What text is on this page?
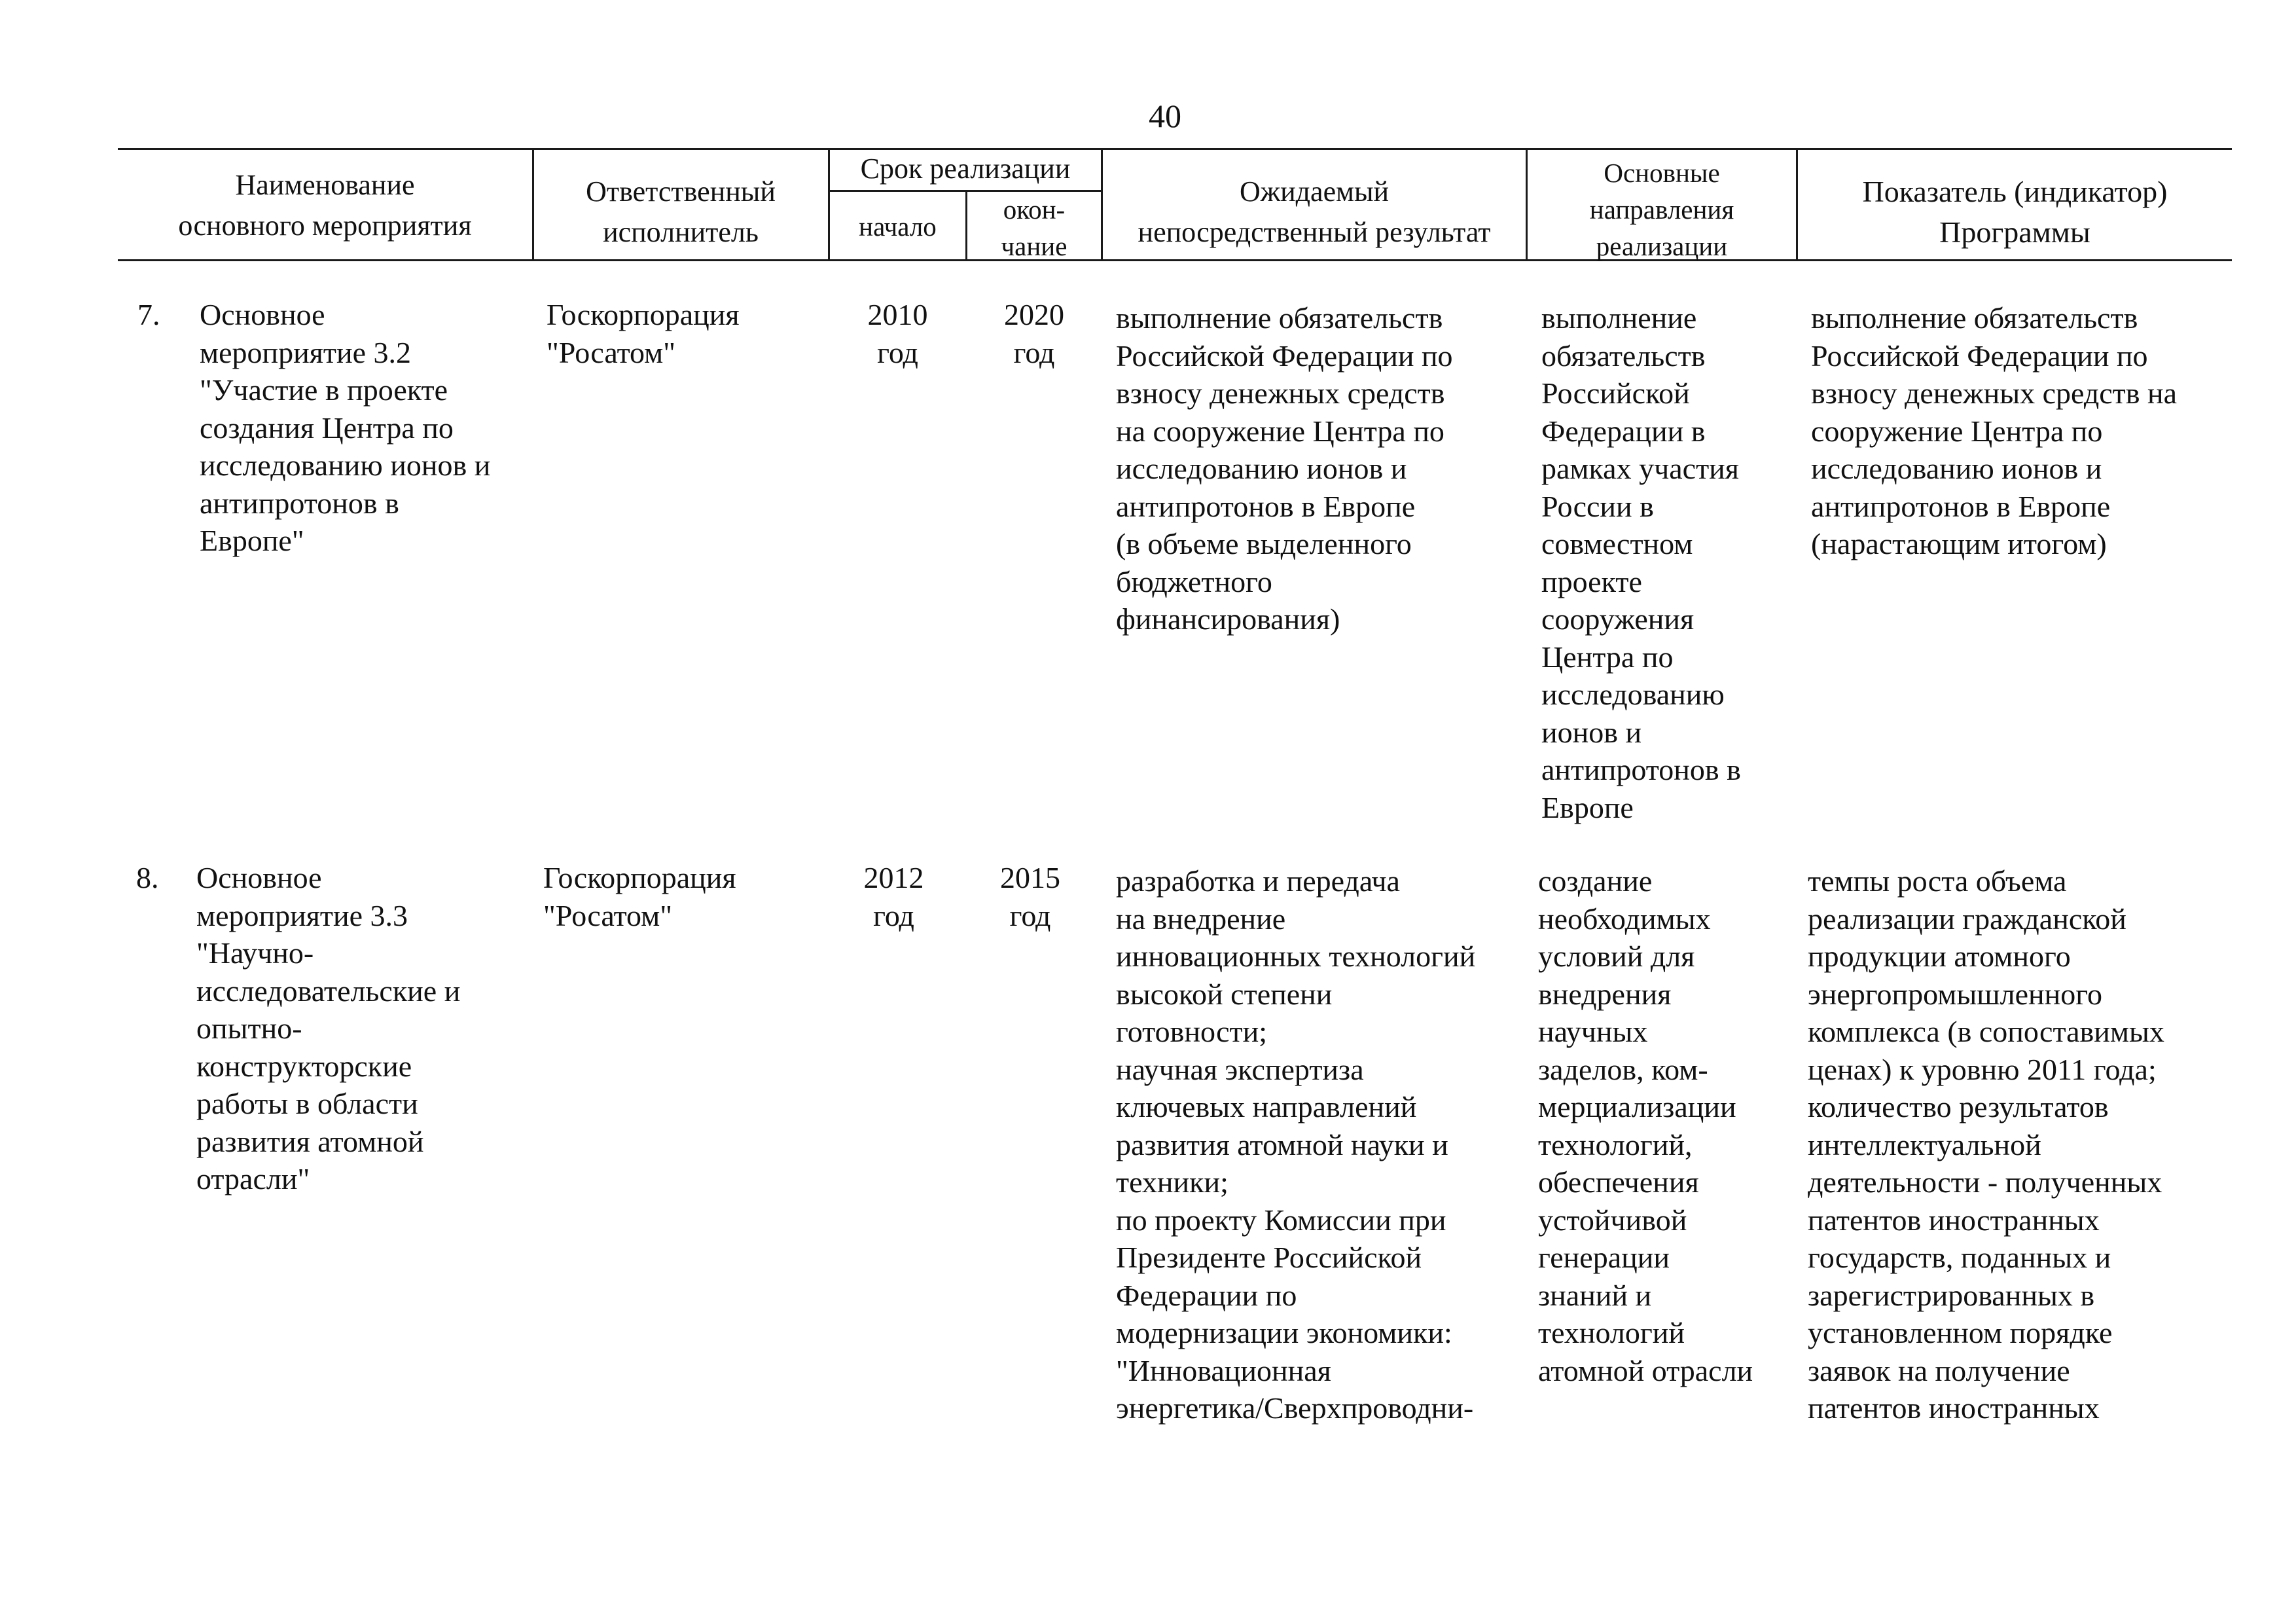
40
Наименование
основного мероприятия
Ответственный
исполнитель
Срок реализации
начало
окон-
чание
Ожидаемый
непосредственный результат
Основные
направления
реализации
Показатель (индикатор)
Программы
7. Основное
мероприятие 3.2
"Участие в проекте
создания Центра по
исследованию ионов и
антипротонов в
Европе"
Госкорпорация
"Росатом"
2010
год
2020
год
выполнение обязательств
Российской Федерации по
взносу денежных средств
на сооружение Центра по
исследованию ионов и
антипротонов в Европе
(в объеме выделенного
бюджетного
финансирования)
выполнение
обязательств
Российской
Федерации в
рамках участия
России в
совместном
проекте
сооружения
Центра по
исследованию
ионов и
антипротонов в
Европе
выполнение обязательств
Российской Федерации по
взносу денежных средств на
сооружение Центра по
исследованию ионов и
антипротонов в Европе
(нарастающим итогом)
8. Основное
мероприятие 3.3
"Научно-
исследовательские и
опытно-
конструкторские
работы в области
развития атомной
отрасли"
Госкорпорация
"Росатом"
2012
год
2015
год
разработка и передача
на внедрение
инновационных технологий
высокой степени
готовности;
научная экспертиза
ключевых направлений
развития атомной науки и
техники;
по проекту Комиссии при
Президенте Российской
Федерации по
модернизации экономики:
"Инновационная
энергетика/Сверхпроводни-
создание
необходимых
условий для
внедрения
научных
заделов, ком-
мерциализации
технологий,
обеспечения
устойчивой
генерации
знаний и
технологий
атомной отрасли
темпы роста объема
реализации гражданской
продукции атомного
энергопромышленного
комплекса (в сопоставимых
ценах) к уровню 2011 года;
количество результатов
интеллектуальной
деятельности - полученных
патентов иностранных
государств, поданных и
зарегистрированных в
установленном порядке
заявок на получение
патентов иностранных
